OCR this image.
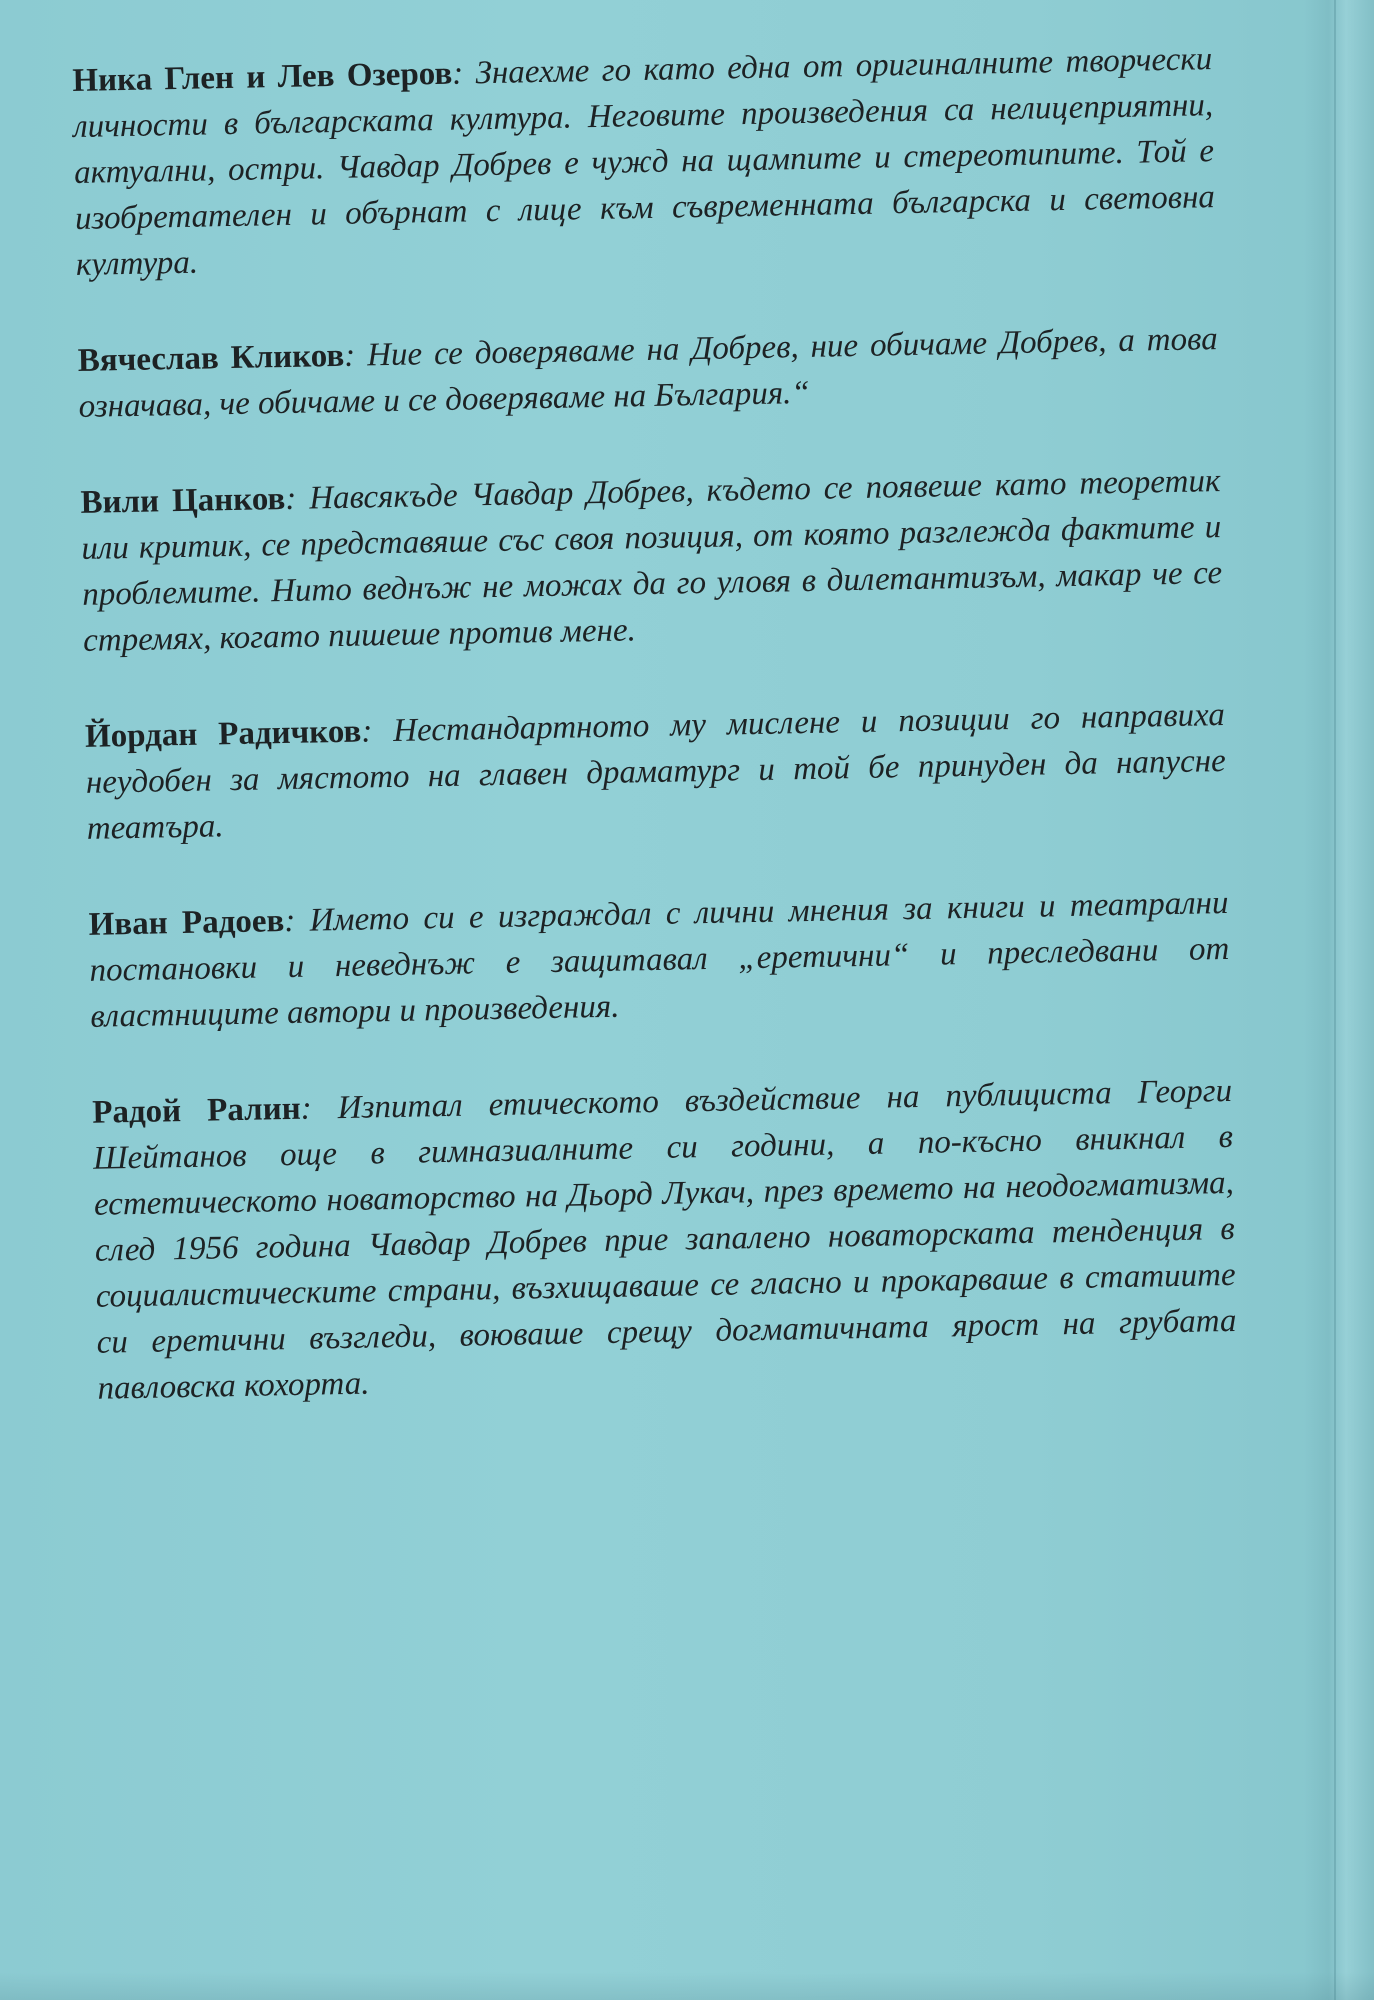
Ника Глен и Лев Озеров: Знаехме го като една от оригиналните творчески личности в българската култура. Неговите произведения са нелицеприятни, актуални, остри. Чавдар Добрев е чужд на щампите и стереотипите. Той е изобретателен и обърнат с лице към съвременната българска и световна култура.

Вячеслав Кликов: Ние се доверяваме на Добрев, ние обичаме Добрев, а това означава, че обичаме и се доверяваме на България.“

Вили Цанков: Навсякъде Чавдар Добрев, където се появеше като теоретик или критик, се представяше със своя позиция, от която разглежда фактите и проблемите. Нито веднъж не можах да го уловя в дилетантизъм, макар че се стремях, когато пишеше против мене.

Йордан Радичков: Нестандартното му мислене и позиции го направиха неудобен за мястото на главен драматург и той бе принуден да напусне театъра.

Иван Радоев: Името си е изграждал с лични мнения за книги и театрални постановки и неведнъж е защитавал „еретични“ и преследвани от властниците автори и произведения.

Радой Ралин: Изпитал етическото въздействие на публициста Георги Шейтанов още в гимназиалните си години, а по-късно вникнал в естетическото новаторство на Дьорд Лукач, през времето на неодогматизма, след 1956 година Чавдар Добрев прие запалено новаторската тенденция в социалистическите страни, възхищаваше се гласно и прокарваше в статиите си еретични възгледи, воюваше срещу догматичната ярост на грубата павловска кохорта.
